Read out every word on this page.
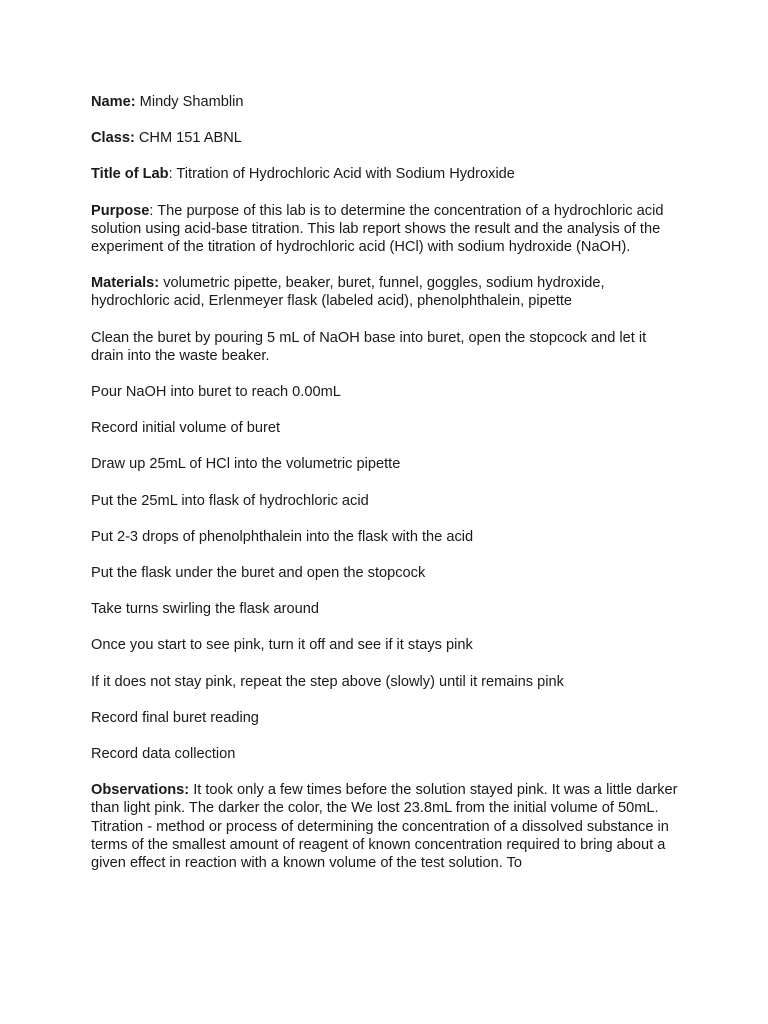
Name: Mindy Shamblin

Class: CHM 151 ABNL

Title of Lab: Titration of Hydrochloric Acid with Sodium Hydroxide

Purpose: The purpose of this lab is to determine the concentration of a hydrochloric acid solution using acid-base titration. This lab report shows the result and the analysis of the experiment of the titration of hydrochloric acid (HCl) with sodium hydroxide (NaOH).

Materials: volumetric pipette, beaker, buret, funnel, goggles, sodium hydroxide, hydrochloric acid, Erlenmeyer flask (labeled acid), phenolphthalein, pipette

Clean the buret by pouring 5 mL of NaOH base into buret, open the stopcock and let it drain into the waste beaker.

Pour NaOH into buret to reach 0.00mL

Record initial volume of buret

Draw up 25mL of HCl into the volumetric pipette

Put the 25mL into flask of hydrochloric acid

Put 2-3 drops of phenolphthalein into the flask with the acid

Put the flask under the buret and open the stopcock

Take turns swirling the flask around

Once you start to see pink, turn it off and see if it stays pink

If it does not stay pink, repeat the step above (slowly) until it remains pink

Record final buret reading

Record data collection

Observations: It took only a few times before the solution stayed pink. It was a little darker than light pink. The darker the color, the We lost 23.8mL from the initial volume of 50mL. Titration - method or process of determining the concentration of a dissolved substance in terms of the smallest amount of reagent of known concentration required to bring about a given effect in reaction with a known volume of the test solution. To
